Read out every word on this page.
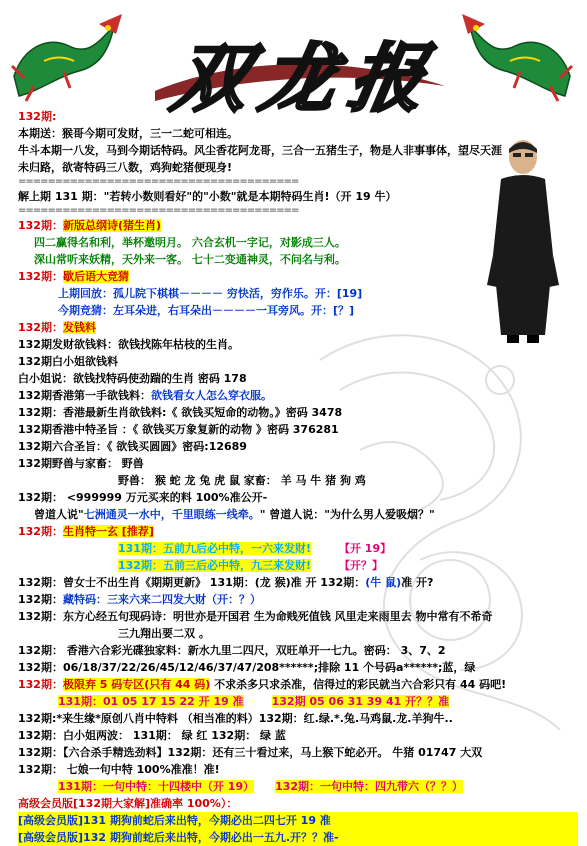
双龙报
132期:
本期送：猴哥今期可发财，三一二蛇可相连。
牛斗本期一八发，马到今期话特码。风尘香花阿龙哥，三合一五猪生子，物是人非事事体，望尽天涯
未归路，欲寄特码三八数，鸡狗蛇猪便现身!
======================================
解上期 131 期："若转小数则看好"的"小数"就是本期特码生肖!（开 19 牛）
======================================
132期：新版总纲诗(猪生肖)
四二赢得名和利，举杯邀明月。 六合玄机一字记，对影成三人。
深山常听来妖精，天外来一客。 七十二变通神灵，不问名与利。
132期：歇后语大竞猜
上期回放：孤儿院下棋棋－－－－ 穷快活，穷作乐。开：[19]
今期竞猜：左耳朵进，右耳朵出－－－－一耳旁风。开：[？]
132期：发钱料
132期发财欲钱料：欲钱找陈年枯枝的生肖。
132期白小姐欲钱料
白小姐说：欲钱找特码使劲踹的生肖 密码 178
132期香港第一手欲钱料：欲钱看女人怎么穿衣服。
132期：香港最新生肖欲钱料:《 欲钱买短命的动物。》密码 3478
132期香港中特圣旨 ：《 欲钱买万象复新的动物 》密码 376281
132期六合圣旨：《 欲钱买圆圆》密码:12689
132期野兽与家畜： 野兽
野兽： 猴 蛇 龙 兔 虎 鼠 家畜： 羊 马 牛 猪 狗 鸡
132期： <999999 万元买来的料 100%准公开-
曾道人说"七洲通灵一水中，千里眼练一线牵。" 曾道人说："为什么男人爱吸烟？"
132期：生肖特一玄 [推荐]
131期：五前九后必中特，一六来发财!	【开 19】
132期：五前三后必中特，九三来发财!	【开？】
132期：曾女士不出生肖《期期更新》 131期：(龙 猴)准 开 132期：(牛 鼠)准 开?
132期：藏特码：三来六来二四发大财（开：？）
132期：东方心经五句现码诗：明世亦是开国君 生为命贱死值钱 风里走来雨里去 物中常有不希奇
三九翔出要二双 。
132期： 香港六合彩光碟独家料：新水九里二四尺，双旺单开一七九。密码： 3、7、2
132期：06/18/37/22/26/45/12/46/37/47/208******;排除 11 个号码a******;蓝，绿
132期：极限弃 5 码专区(只有 44 码) 不求杀多只求杀准，信得过的彩民就当六合彩只有 44 码吧!
131期：01 05 17 15 22 开 19 准	132期 05 06 31 39 41 开？？准
132期:*来生缘*原创八肖中特料 （相当准的料）132期：红.绿.*.兔.马鸡鼠.龙.羊狗牛..
132期：白小姐两波： 131期： 绿 红 132期： 绿 蓝
132期：【六合杀手精选劲料】132期：还有三十看过来，马上猴下蛇必开。 牛猪 01747 大双
132期： 七娘一句中特 100%准准！准!
131期：一句中特：十四楼中（开 19） 132期：一句中特：四九带六（？？）
高级会员版[132期大家解]准确率 100%）：
[高级会员版]131 期狗前蛇后来出特，今期必出二四七开 19 准
[高级会员版]132 期狗前蛇后来出特，今期必出一五九.开？？准-
